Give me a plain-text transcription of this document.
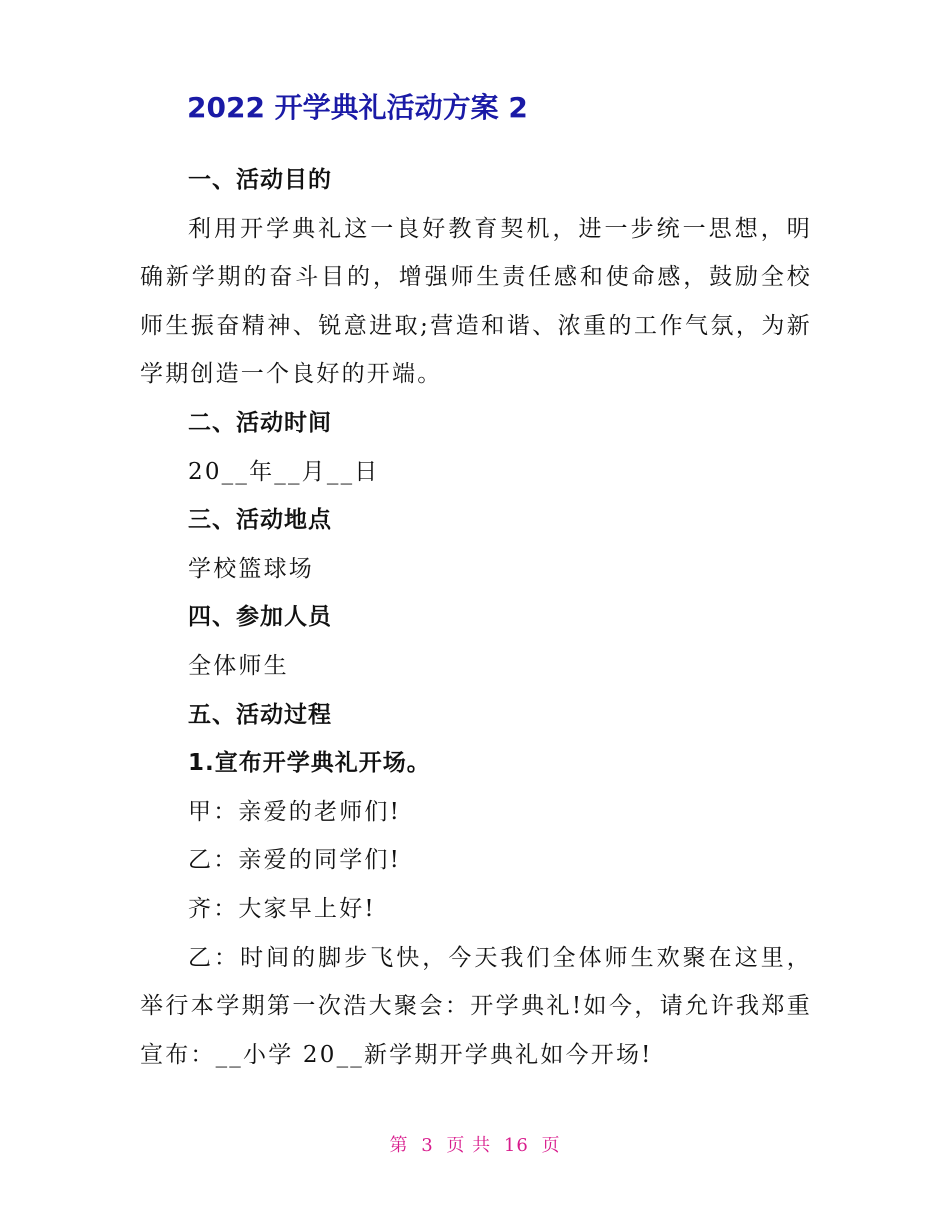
2022 开学典礼活动方案 2

一、活动目的

利用开学典礼这一良好教育契机，进一步统一思想，明确新学期的奋斗目的，增强师生责任感和使命感，鼓励全校师生振奋精神、锐意进取;营造和谐、浓重的工作气氛，为新学期创造一个良好的开端。

二、活动时间

20__年__月__日

三、活动地点

学校篮球场

四、参加人员

全体师生

五、活动过程

1.宣布开学典礼开场。

甲：亲爱的老师们!

乙：亲爱的同学们!

齐：大家早上好!

乙：时间的脚步飞快，今天我们全体师生欢聚在这里，举行本学期第一次浩大聚会：开学典礼!如今，请允许我郑重宣布：__小学 20__新学期开学典礼如今开场!

第 3 页 共 16 页
